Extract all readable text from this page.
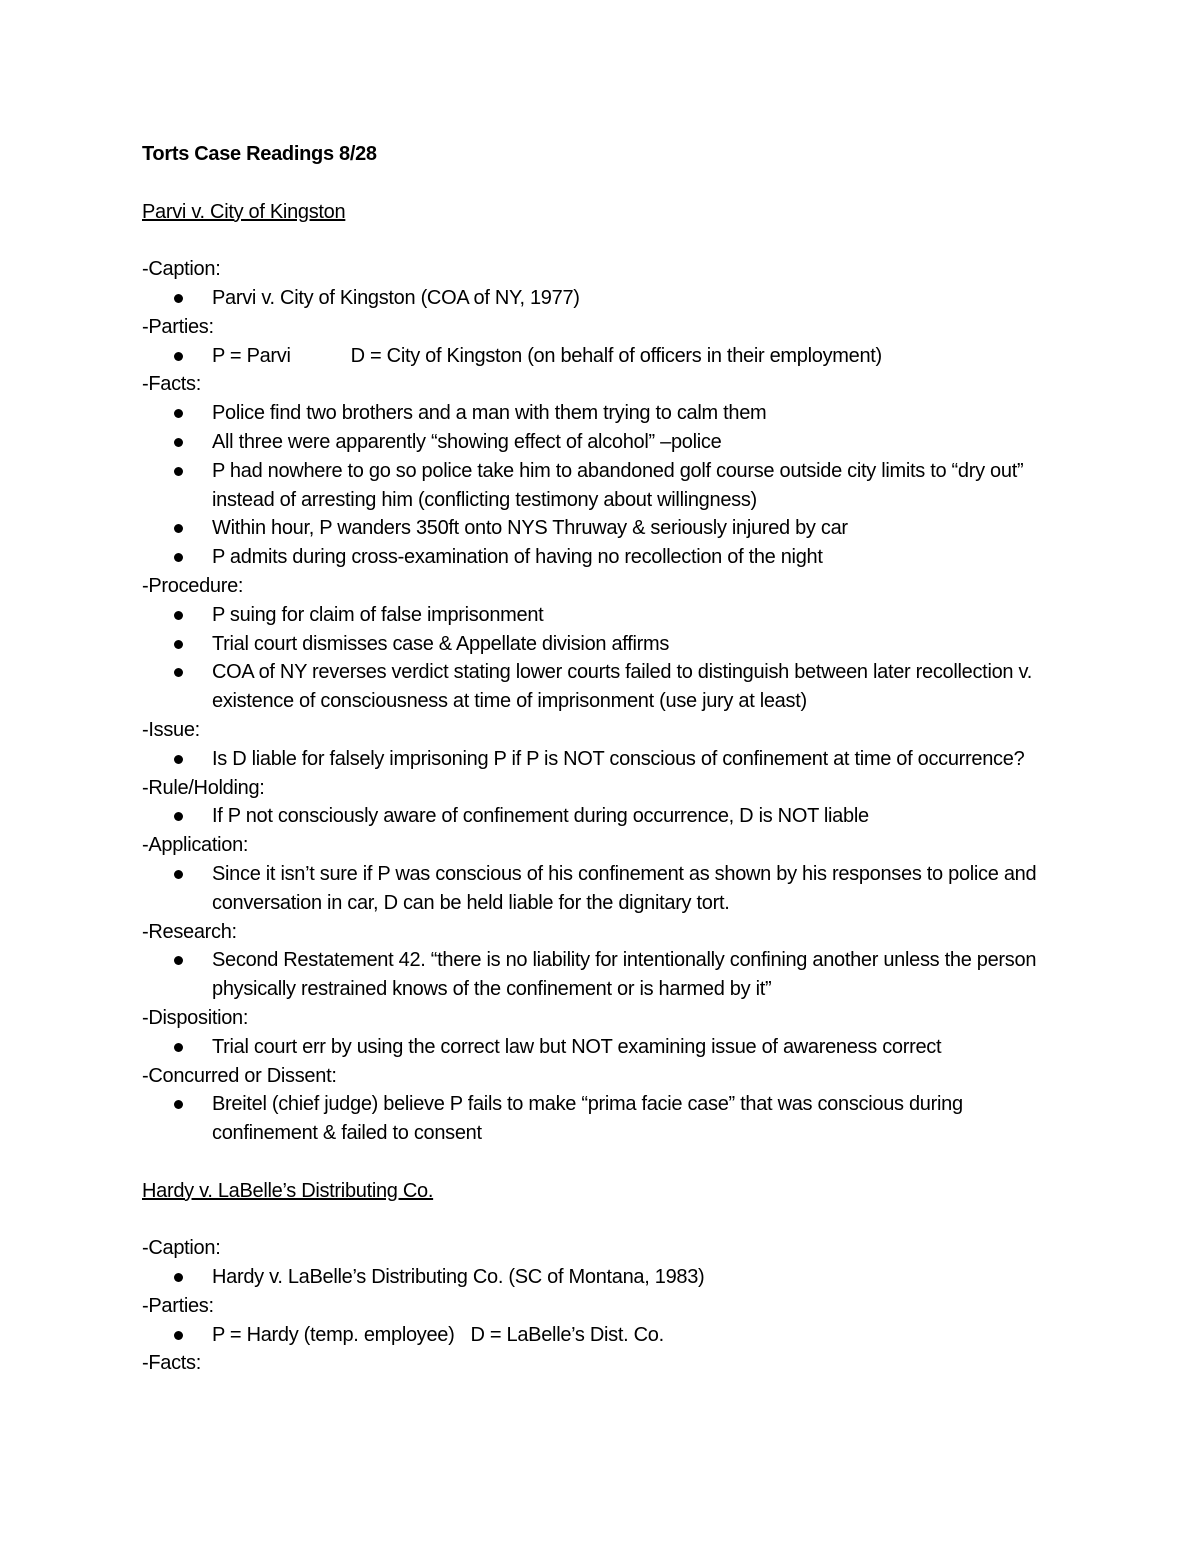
Torts Case Readings 8/28

Parvi v. City of Kingston

-Caption:

Parvi v. City of Kingston (COA of NY, 1977)

-Parties:

P = Parvi	D = City of Kingston (on behalf of officers in their employment)

-Facts:

Police find two brothers and a man with them trying to calm them
All three were apparently “showing effect of alcohol” –police
P had nowhere to go so police take him to abandoned golf course outside city limits to “dry out” instead of arresting him (conflicting testimony about willingness)
Within hour, P wanders 350ft onto NYS Thruway & seriously injured by car
P admits during cross-examination of having no recollection of the night

-Procedure:

P suing for claim of false imprisonment
Trial court dismisses case & Appellate division affirms
COA of NY reverses verdict stating lower courts failed to distinguish between later recollection v. existence of consciousness at time of imprisonment (use jury at least)

-Issue:

Is D liable for falsely imprisoning P if P is NOT conscious of confinement at time of occurrence?

-Rule/Holding:

If P not consciously aware of confinement during occurrence, D is NOT liable

-Application:

Since it isn’t sure if P was conscious of his confinement as shown by his responses to police and conversation in car, D can be held liable for the dignitary tort.

-Research:

Second Restatement 42. “there is no liability for intentionally confining another unless the person physically restrained knows of the confinement or is harmed by it”

-Disposition:

Trial court err by using the correct law but NOT examining issue of awareness correct

-Concurred or Dissent:

Breitel (chief judge) believe P fails to make “prima facie case” that was conscious during confinement & failed to consent

Hardy v. LaBelle’s Distributing Co.

-Caption:

Hardy v. LaBelle’s Distributing Co. (SC of Montana, 1983)

-Parties:

P = Hardy (temp. employee) D = LaBelle’s Dist. Co.

-Facts:
